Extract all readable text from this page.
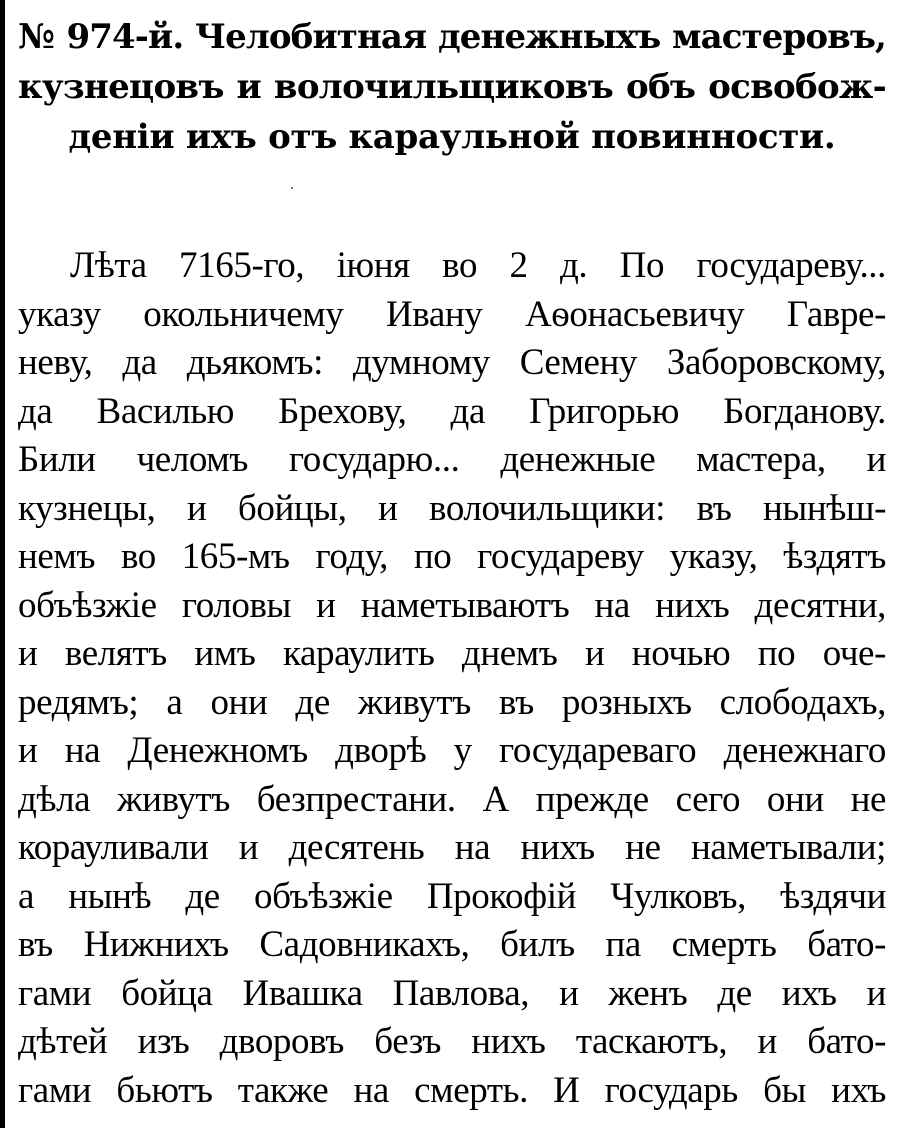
№ 974-й. Челобитная денежныхъ мастеровъ,
кузнецовъ и волочильщиковъ объ освобож-
деніи ихъ отъ караульной повинности.
Лѣта 7165-го, іюня во 2 д. По государеву...
указу окольничему Ивану Аѳонасьевичу Гавре-
неву, да дьякомъ: думному Семену Заборовскому,
да Василью Брехову, да Григорью Богданову.
Били челомъ государю... денежные мастера, и
кузнецы, и бойцы, и волочильщики: въ нынѣш-
немъ во 165-мъ году, по государеву указу, ѣздятъ
объѣзжіе головы и наметываютъ на нихъ десятни,
и велятъ имъ караулить днемъ и ночью по оче-
редямъ; а они де живутъ въ розныхъ слободахъ,
и на Денежномъ дворѣ у государеваго денежнаго
дѣла живутъ безпрестани. А прежде сего они не
корауливали и десятень на нихъ не наметывали;
а нынѣ де объѣзжіе Прокофій Чулковъ, ѣздячи
въ Нижнихъ Садовникахъ, билъ па смерть бато-
гами бойца Ивашка Павлова, и женъ де ихъ и
дѣтей изъ дворовъ безъ нихъ таскаютъ, и бато-
гами бьютъ также на смерть. И государь бы ихъ
